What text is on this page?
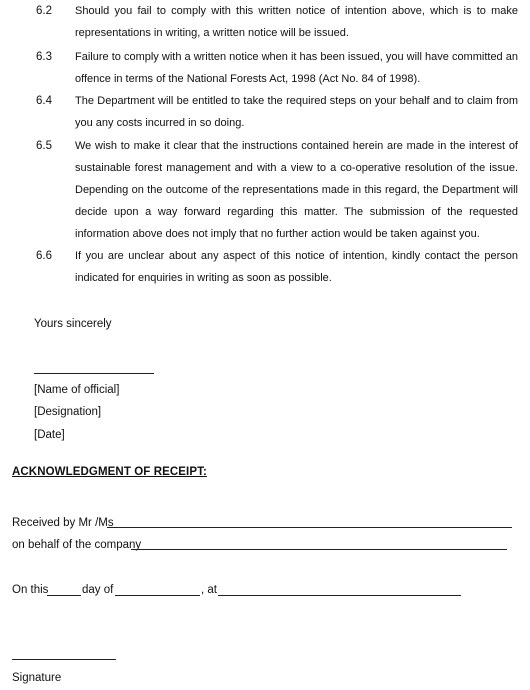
6.2 Should you fail to comply with this written notice of intention above, which is to make representations in writing, a written notice will be issued.
6.3 Failure to comply with a written notice when it has been issued, you will have committed an offence in terms of the National Forests Act, 1998 (Act No. 84 of 1998).
6.4 The Department will be entitled to take the required steps on your behalf and to claim from you any costs incurred in so doing.
6.5 We wish to make it clear that the instructions contained herein are made in the interest of sustainable forest management and with a view to a co-operative resolution of the issue. Depending on the outcome of the representations made in this regard, the Department will decide upon a way forward regarding this matter. The submission of the requested information above does not imply that no further action would be taken against you.
6.6 If you are unclear about any aspect of this notice of intention, kindly contact the person indicated for enquiries in writing as soon as possible.
Yours sincerely
[Name of official]
[Designation]
[Date]
ACKNOWLEDGMENT OF RECEIPT:
Received by Mr /Ms
on behalf of the company
On this	day of	, at
Signature
